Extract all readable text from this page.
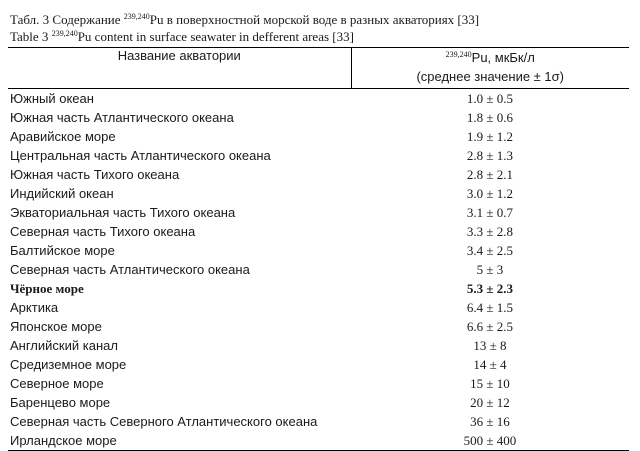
Табл. 3 Содержание $^{239,240}$Pu в поверхностной морской воде в разных акваториях [33]
Table 3 $^{239,240}$Pu content in surface seawater in defferent areas [33]
Название акватории	$^{239,240}$Pu, мкБк/л
(среднее значение ± 1σ)

Южный океан	1.0 ± 0.5
Южная часть Атлантического океана	1.8 ± 0.6
Аравийское море	1.9 ± 1.2
Центральная часть Атлантического океана	2.8 ± 1.3
Южная часть Тихого океана	2.8 ± 2.1
Индийский океан	3.0 ± 1.2
Экваториальная часть Тихого океана	3.1 ± 0.7
Северная часть Тихого океана	3.3 ± 2.8
Балтийское море	3.4 ± 2.5
Северная часть Атлантического океана	5 ± 3
Чёрное море	5.3 ± 2.3
Арктика	6.4 ± 1.5
Японское море	6.6 ± 2.5
Английский канал	13 ± 8
Средиземное море	14 ± 4
Северное море	15 ± 10
Баренцево море	20 ± 12
Северная часть Северного Атлантического океана	36 ± 16
Ирландское море	500 ± 400
